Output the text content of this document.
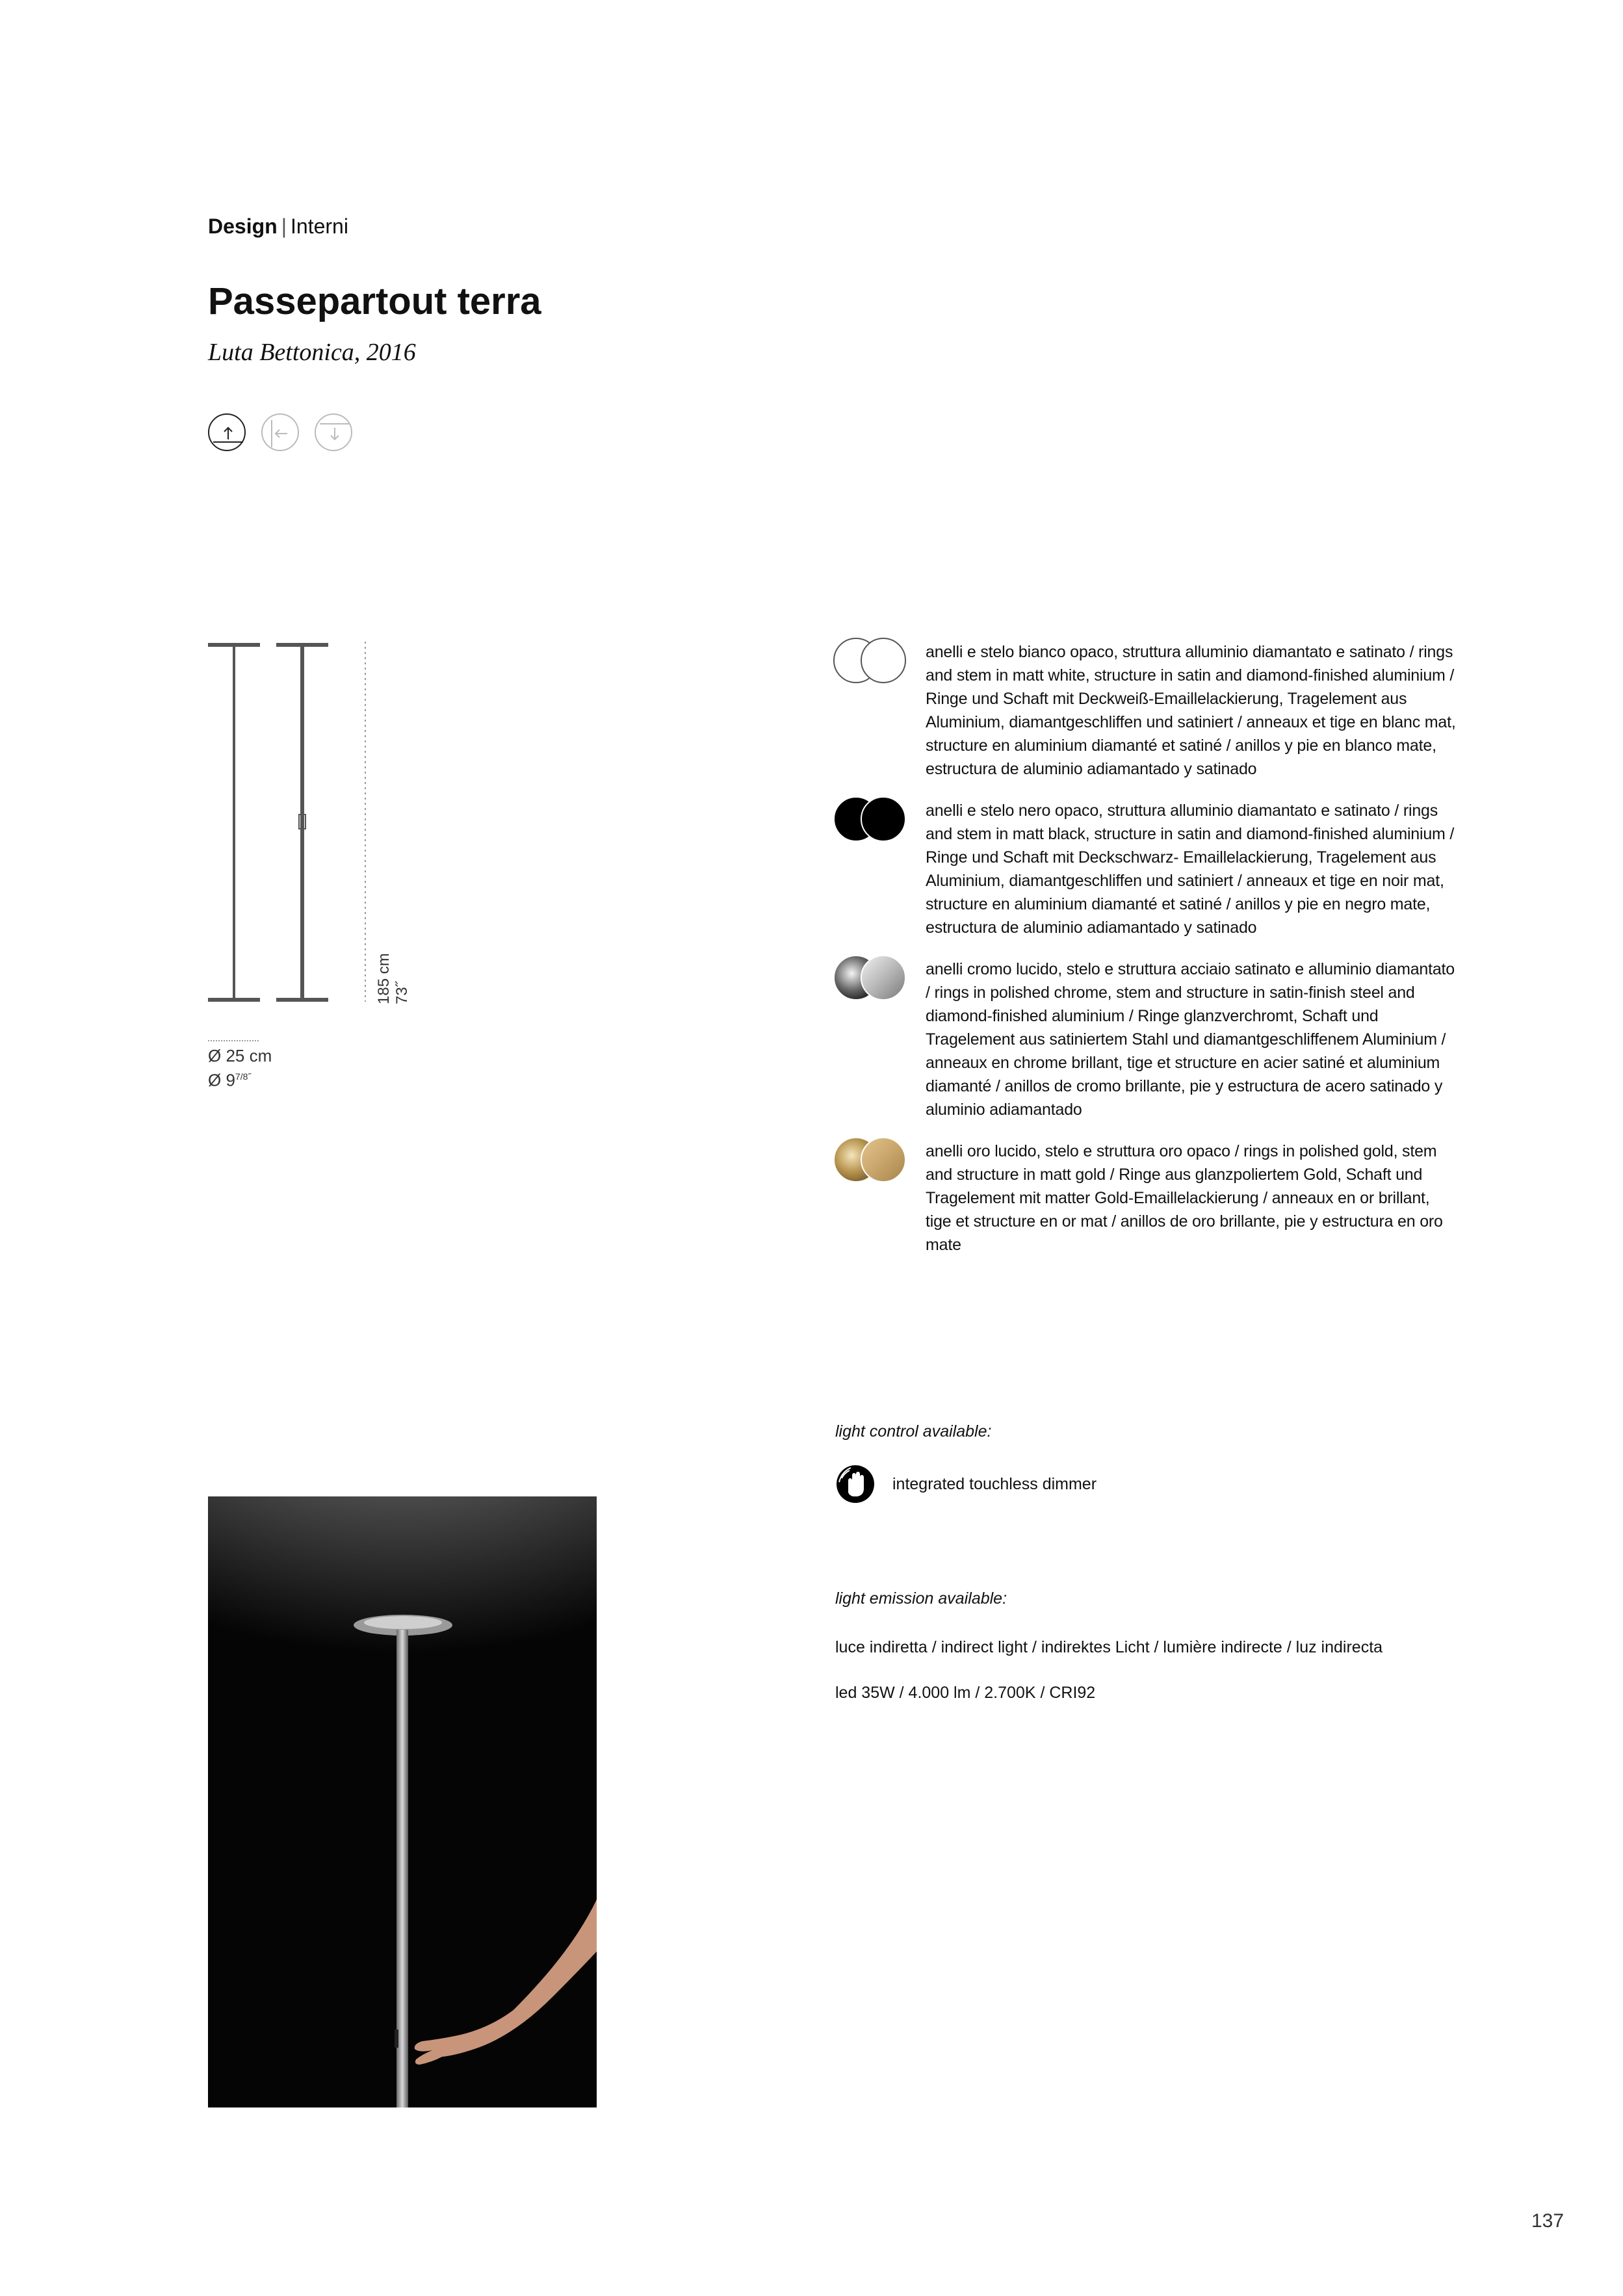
Design | Interni
Passepartout terra
Luta Bettonica, 2016
185 cm 73˝
Ø 25 cm
Ø $9^{7/8˝}$
anelli e stelo bianco opaco, struttura alluminio diamantato e satinato / rings and stem in matt white, structure in satin and diamond-finished aluminium / Ringe und Schaft mit Deckweiß-Emaillelackierung, Tragelement aus Aluminium, diamantgeschliffen und satiniert / anneaux et tige en blanc mat, structure en aluminium diamanté et satiné / anillos y pie en blanco mate, estructura de aluminio adiamantado y satinado
anelli e stelo nero opaco, struttura alluminio diamantato e satinato / rings and stem in matt black, structure in satin and diamond-finished aluminium / Ringe und Schaft mit Deckschwarz- Emaillelackierung, Tragelement aus Aluminium, diamantgeschliffen und satiniert / anneaux et tige en noir mat, structure en aluminium diamanté et satiné / anillos y pie en negro mate, estructura de aluminio adiamantado y satinado
anelli cromo lucido, stelo e struttura acciaio satinato e alluminio diamantato / rings in polished chrome, stem and structure in satin-finish steel and diamond-finished aluminium / Ringe glanzverchromt, Schaft und Tragelement aus satiniertem Stahl und diamantgeschliffenem Aluminium / anneaux en chrome brillant, tige et structure en acier satiné et aluminium diamanté / anillos de cromo brillante, pie y estructura de acero satinado y aluminio adiamantado
anelli oro lucido, stelo e struttura oro opaco / rings in polished gold, stem and structure in matt gold / Ringe aus glanzpoliertem Gold, Schaft und Tragelement mit matter Gold-Emaillelackierung / anneaux en or brillant, tige et structure en or mat / anillos de oro brillante, pie y estructura en oro mate
light control available:
integrated touchless dimmer
light emission available:
luce indiretta / indirect light / indirektes Licht / lumière indirecte / luz indirecta
led 35W / 4.000 lm / 2.700K / CRI92
137
